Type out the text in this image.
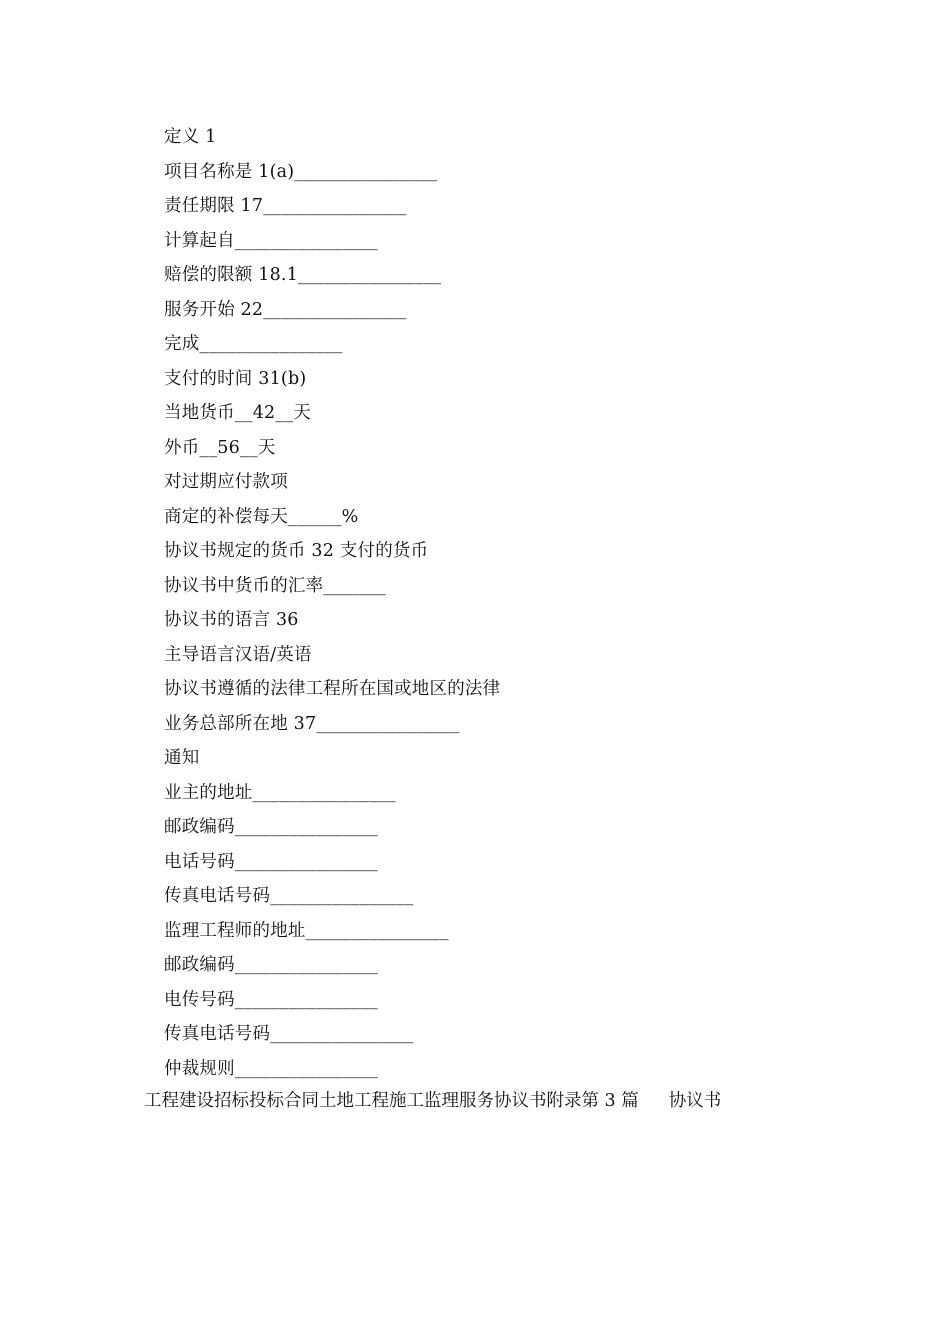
定义 1
项目名称是 1(a)________________
责任期限 17________________
计算起自________________
赔偿的限额 18.1________________
服务开始 22________________
完成________________
支付的时间 31(b)
当地货币__42__天
外币__56__天
对过期应付款项
商定的补偿每天______%
协议书规定的货币 32 支付的货币
协议书中货币的汇率_______
协议书的语言 36
主导语言汉语/英语
协议书遵循的法律工程所在国或地区的法律
业务总部所在地 37________________
通知
业主的地址________________
邮政编码________________
电话号码________________
传真电话号码________________
监理工程师的地址________________
邮政编码________________
电传号码________________
传真电话号码________________
仲裁规则________________
工程建设招标投标合同土地工程施工监理服务协议书附录第 3 篇 协议书
